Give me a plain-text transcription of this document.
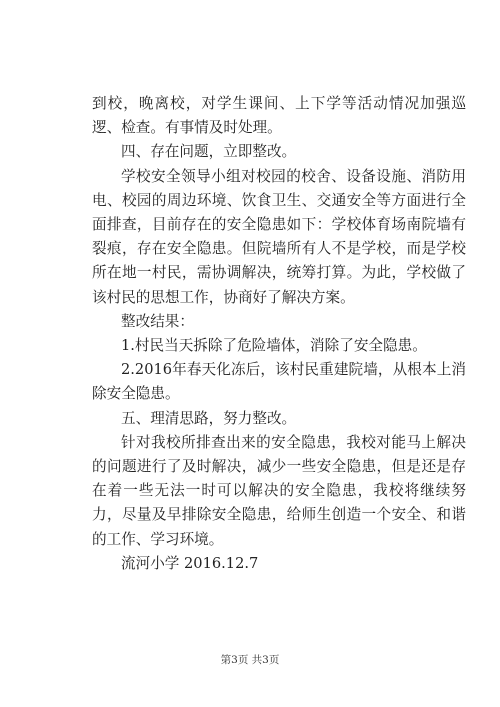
到校，晚离校，对学生课间、上下学等活动情况加强巡逻、检查。有事情及时处理。

四、存在问题，立即整改。

学校安全领导小组对校园的校舍、设备设施、消防用电、校园的周边环境、饮食卫生、交通安全等方面进行全面排查，目前存在的安全隐患如下：学校体育场南院墙有裂痕，存在安全隐患。但院墙所有人不是学校，而是学校所在地一村民，需协调解决，统筹打算。为此，学校做了该村民的思想工作，协商好了解决方案。

整改结果：

1.村民当天拆除了危险墙体，消除了安全隐患。

2.2016年春天化冻后，该村民重建院墙，从根本上消除安全隐患。

五、理清思路，努力整改。

针对我校所排查出来的安全隐患，我校对能马上解决的问题进行了及时解决，减少一些安全隐患，但是还是存在着一些无法一时可以解决的安全隐患，我校将继续努力，尽量及早排除安全隐患，给师生创造一个安全、和谐的工作、学习环境。

流河小学 2016.12.7

第3页 共3页
